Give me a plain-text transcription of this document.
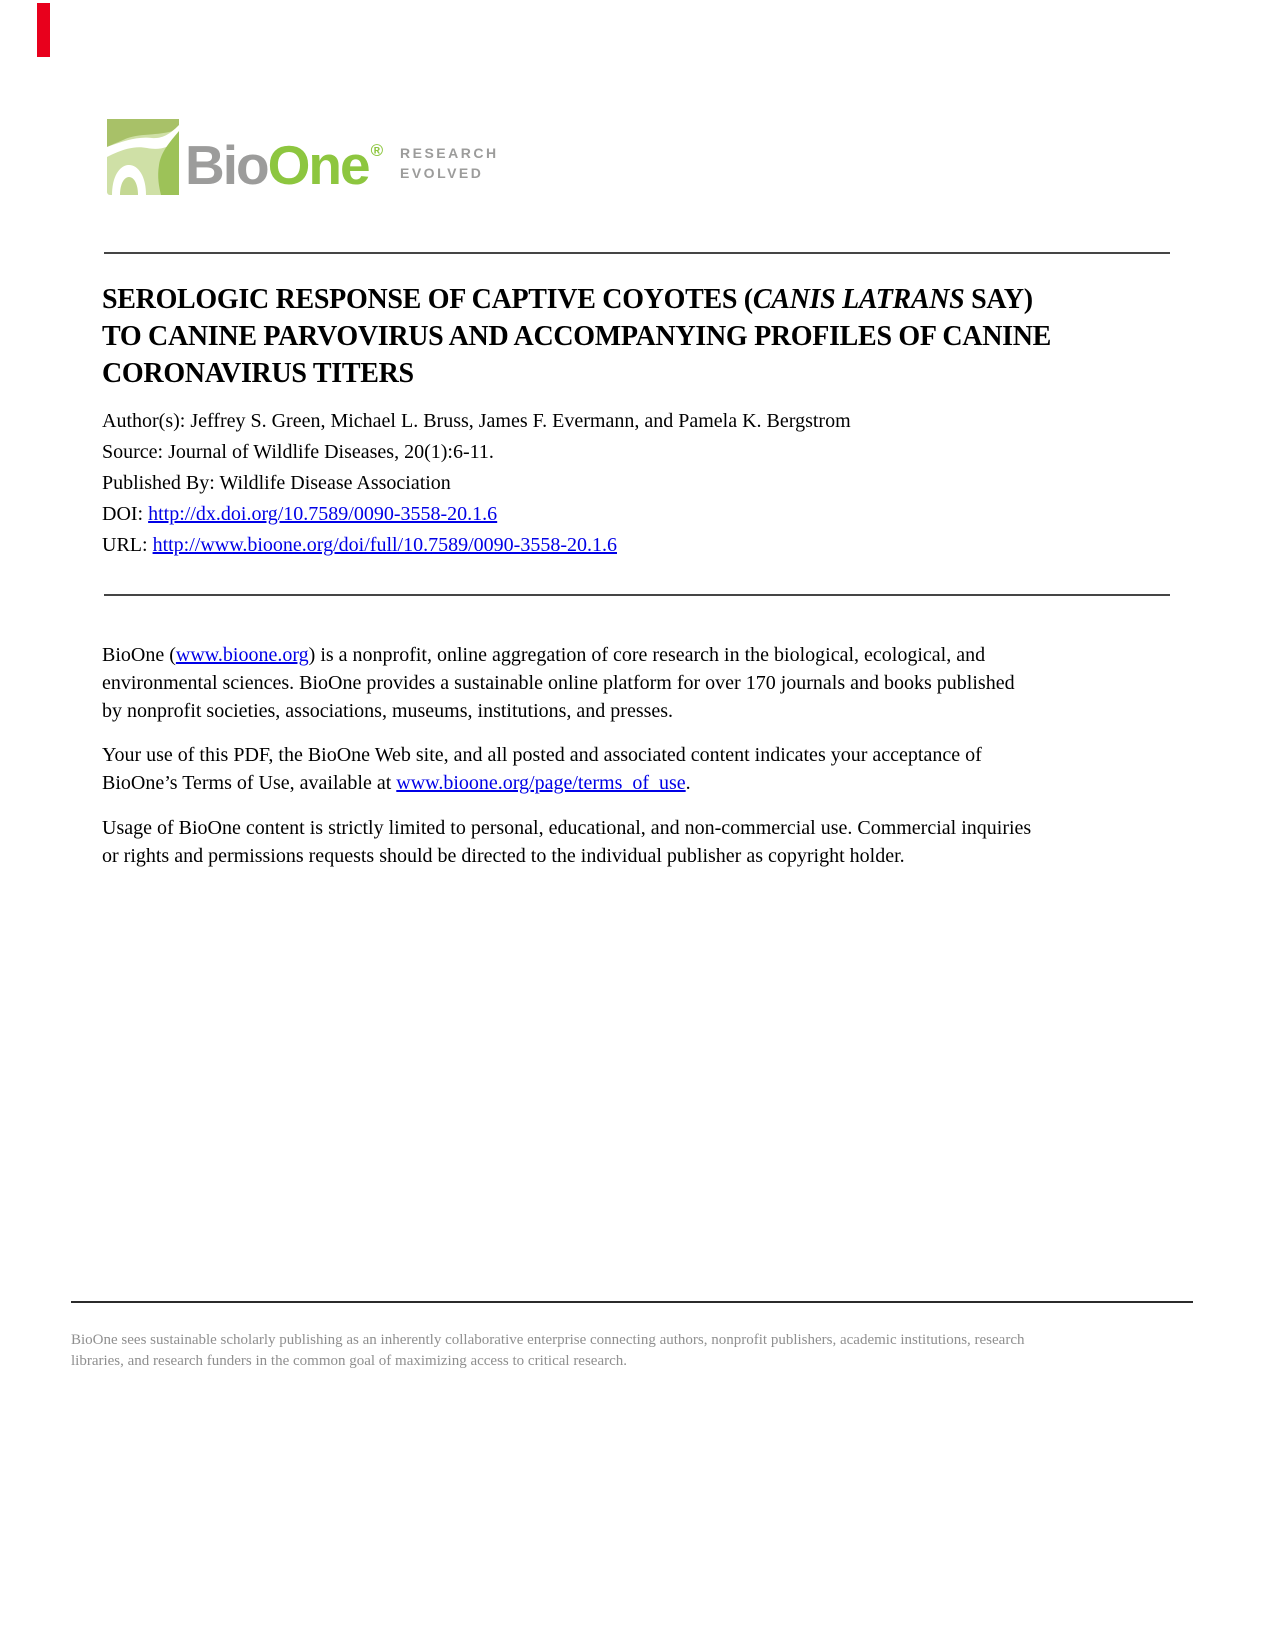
BioOne ® RESEARCH
EVOLVED
SEROLOGIC RESPONSE OF CAPTIVE COYOTES (CANIS LATRANS SAY)
TO CANINE PARVOVIRUS AND ACCOMPANYING PROFILES OF CANINE
CORONAVIRUS TITERS
Author(s): Jeffrey S. Green, Michael L. Bruss, James F. Evermann, and Pamela K. Bergstrom
Source: Journal of Wildlife Diseases, 20(1):6-11.
Published By: Wildlife Disease Association
DOI: http://dx.doi.org/10.7589/0090-3558-20.1.6
URL: http://www.bioone.org/doi/full/10.7589/0090-3558-20.1.6

BioOne (www.bioone.org) is a nonprofit, online aggregation of core research in the biological, ecological, and
environmental sciences. BioOne provides a sustainable online platform for over 170 journals and books published
by nonprofit societies, associations, museums, institutions, and presses.

Your use of this PDF, the BioOne Web site, and all posted and associated content indicates your acceptance of
BioOne’s Terms of Use, available at www.bioone.org/page/terms_of_use.

Usage of BioOne content is strictly limited to personal, educational, and non-commercial use. Commercial inquiries
or rights and permissions requests should be directed to the individual publisher as copyright holder.

BioOne sees sustainable scholarly publishing as an inherently collaborative enterprise connecting authors, nonprofit publishers, academic institutions, research
libraries, and research funders in the common goal of maximizing access to critical research.
